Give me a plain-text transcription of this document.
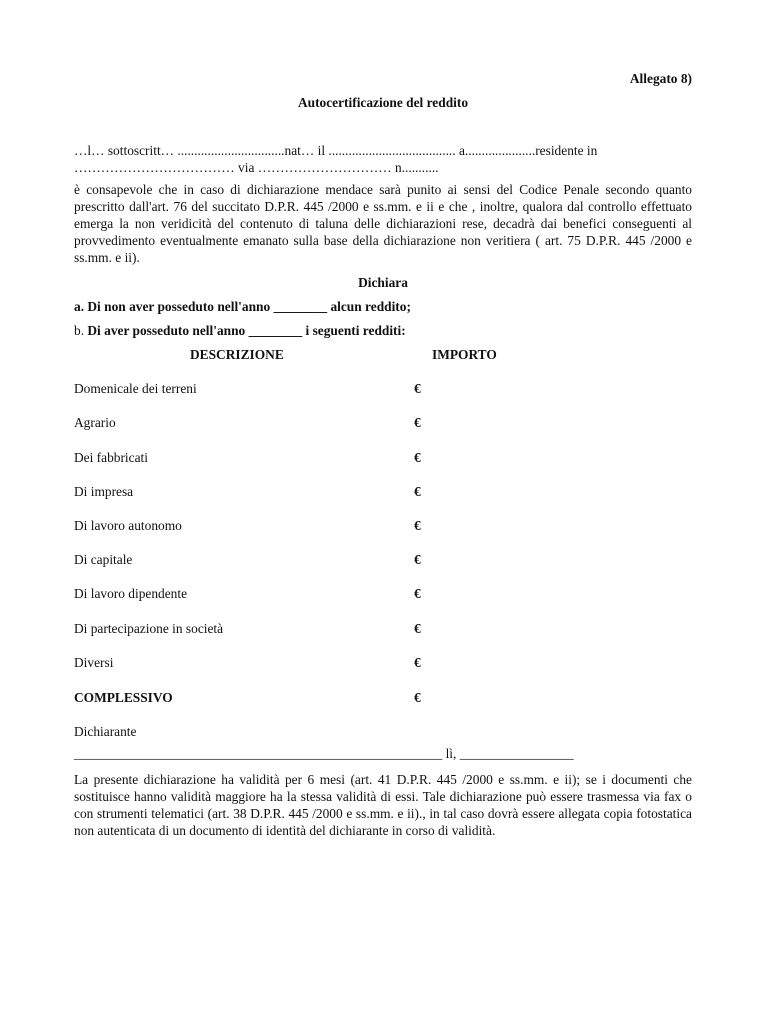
Allegato 8)
Autocertificazione del reddito
…l… sottoscritt… ................................nat… il ...................................... a.....................residente in
……………………………… via ………………………… n...........
è consapevole che in caso di dichiarazione mendace sarà punito ai sensi del Codice Penale secondo quanto prescritto dall'art. 76 del succitato D.P.R. 445 /2000 e ss.mm. e ii e che , inoltre, qualora dal controllo effettuato emerga la non veridicità del contenuto di taluna delle dichiarazioni rese, decadrà dai benefici conseguenti al provvedimento eventualmente emanato sulla base della dichiarazione non veritiera ( art. 75 D.P.R. 445 /2000 e ss.mm. e ii).
Dichiara
a. Di non aver posseduto nell'anno ________ alcun reddito;
b. Di aver posseduto nell'anno ________ i seguenti redditi:
DESCRIZIONE	IMPORTO
Domenicale dei terreni	€
Agrario	€
Dei fabbricati	€
Di impresa	€
Di lavoro autonomo	€
Di capitale	€
Di lavoro dipendente	€
Di partecipazione in società	€
Diversi	€
COMPLESSIVO	€
Dichiarante
_______________________________________________________ lì, _________________
La presente dichiarazione ha validità per 6 mesi (art. 41 D.P.R. 445 /2000 e ss.mm. e ii); se i documenti che sostituisce hanno validità maggiore ha la stessa validità di essi. Tale dichiarazione può essere trasmessa via fax o con strumenti telematici (art. 38 D.P.R. 445 /2000 e ss.mm. e ii)., in tal caso dovrà essere allegata copia fotostatica non autenticata di un documento di identità del dichiarante in corso di validità.
